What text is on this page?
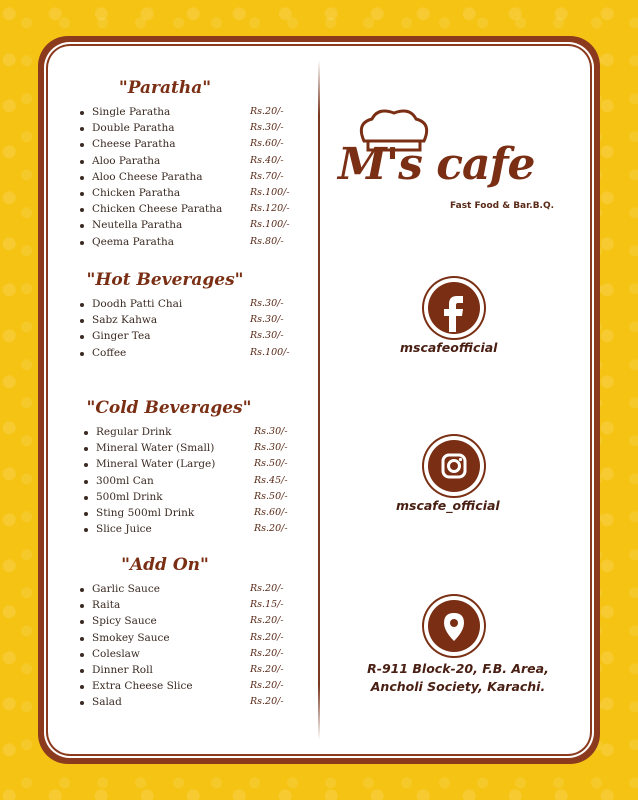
"Paratha"
Single Paratha	Rs.20/-
Double Paratha	Rs.30/-
Cheese Paratha	Rs.60/-
Aloo Paratha	Rs.40/-
Aloo Cheese Paratha	Rs.70/-
Chicken Paratha	Rs.100/-
Chicken Cheese Paratha	Rs.120/-
Neutella Paratha	Rs.100/-
Qeema Paratha	Rs.80/-
"Hot Beverages"
Doodh Patti Chai	Rs.30/-
Sabz Kahwa	Rs.30/-
Ginger Tea	Rs.30/-
Coffee	Rs.100/-
"Cold Beverages"
Regular Drink	Rs.30/-
Mineral Water (Small)	Rs.30/-
Mineral Water (Large)	Rs.50/-
300ml Can	Rs.45/-
500ml Drink	Rs.50/-
Sting 500ml Drink	Rs.60/-
Slice Juice	Rs.20/-
"Add On"
Garlic Sauce	Rs.20/-
Raita	Rs.15/-
Spicy Sauce	Rs.20/-
Smokey Sauce	Rs.20/-
Coleslaw	Rs.20/-
Dinner Roll	Rs.20/-
Extra Cheese Slice	Rs.20/-
Salad	Rs.20/-
M's cafe
Fast Food & Bar.B.Q.
mscafeofficial
mscafe_official
R-911 Block-20, F.B. Area,
Ancholi Society, Karachi.
